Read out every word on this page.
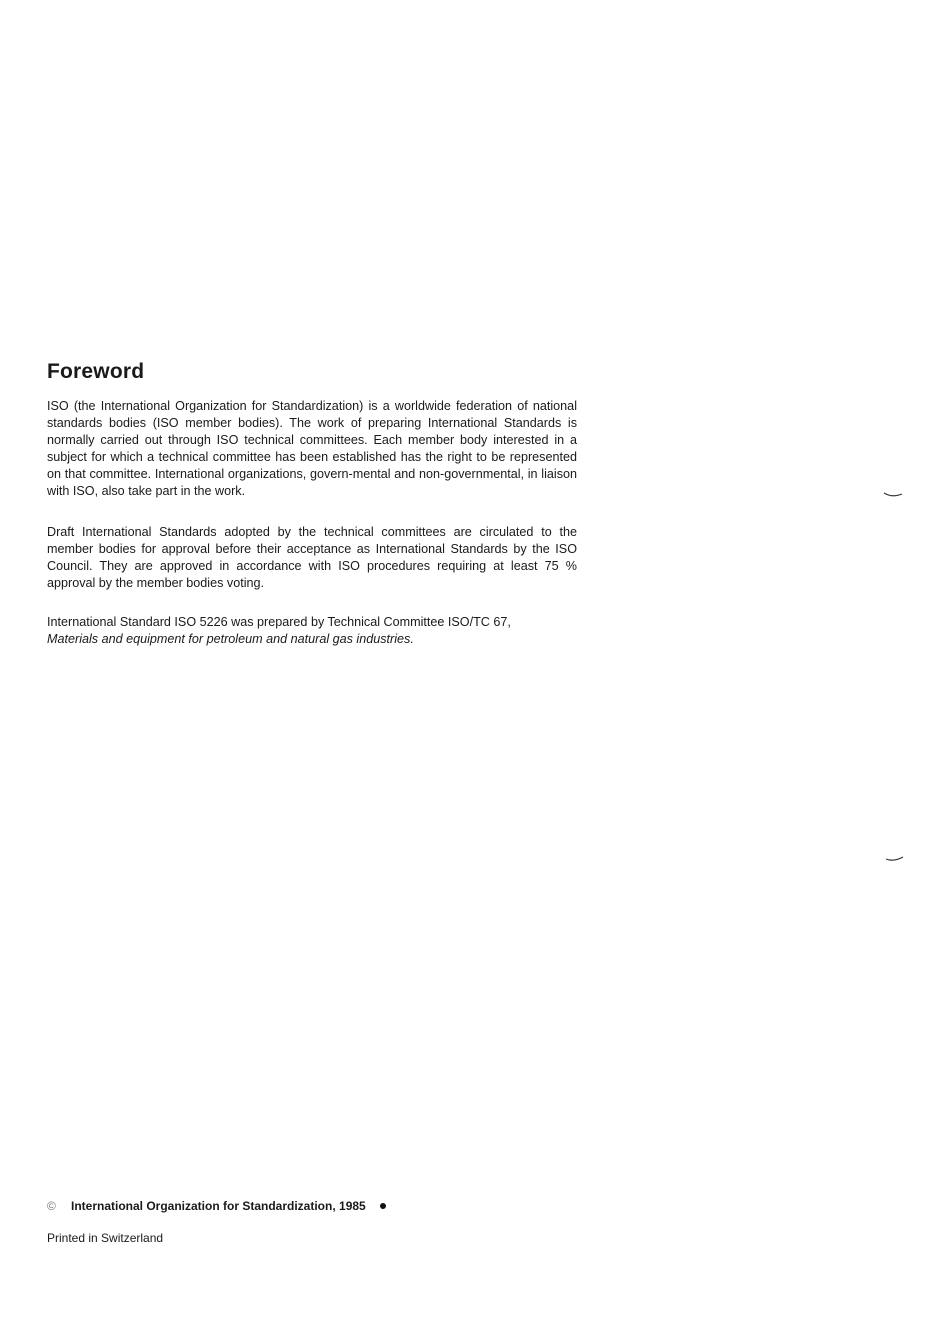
Foreword

ISO (the International Organization for Standardization) is a worldwide federation of national standards bodies (ISO member bodies). The work of preparing International Standards is normally carried out through ISO technical committees. Each member body interested in a subject for which a technical committee has been established has the right to be represented on that committee. International organizations, govern-mental and non-governmental, in liaison with ISO, also take part in the work.

Draft International Standards adopted by the technical committees are circulated to the member bodies for approval before their acceptance as International Standards by the ISO Council. They are approved in accordance with ISO procedures requiring at least 75 % approval by the member bodies voting.

International Standard ISO 5226 was prepared by Technical Committee ISO/TC 67,
Materials and equipment for petroleum and natural gas industries.

©	International Organization for Standardization, 1985
Printed in Switzerland
